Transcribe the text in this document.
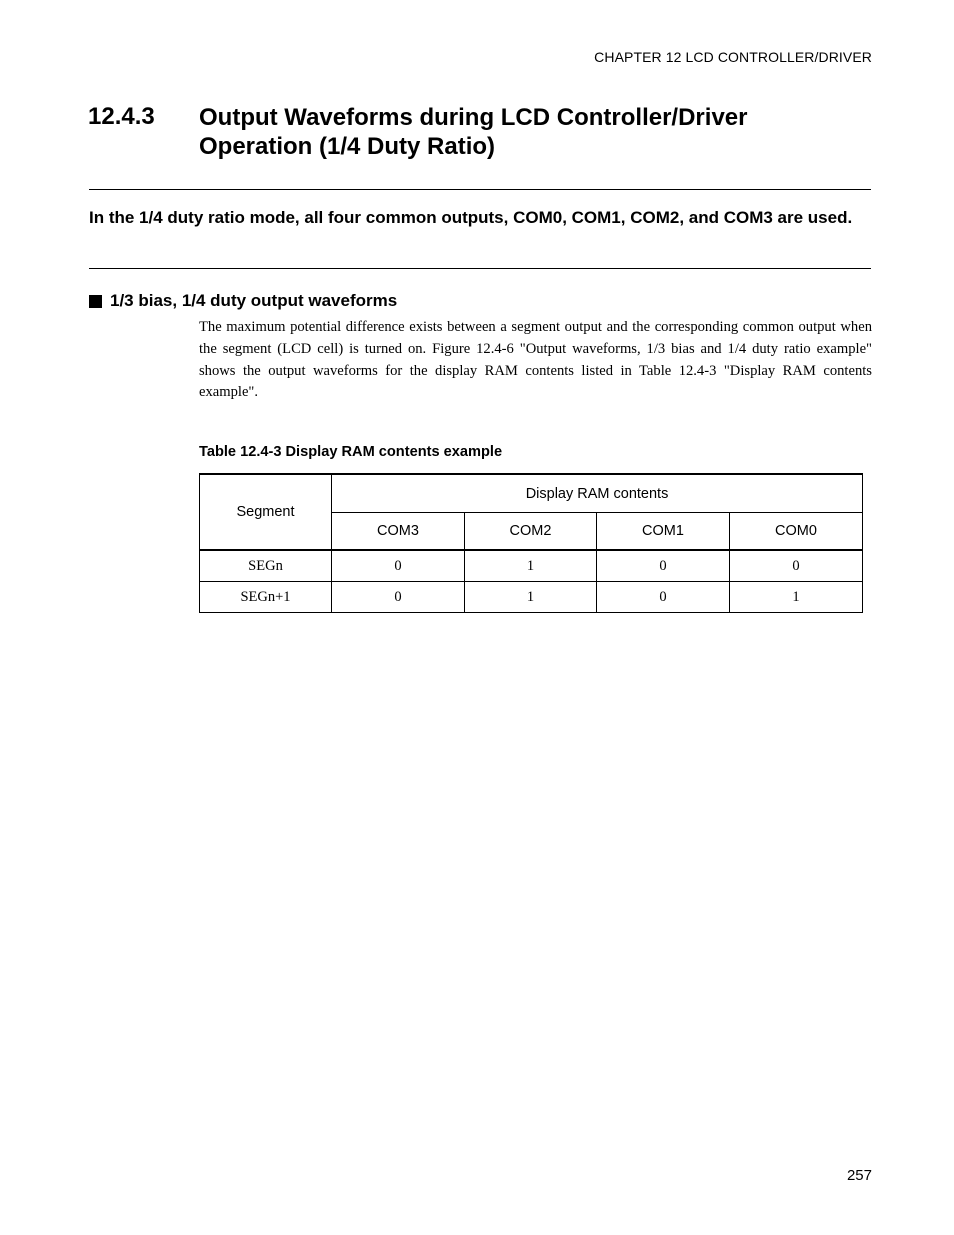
CHAPTER 12 LCD CONTROLLER/DRIVER
12.4.3 Output Waveforms during LCD Controller/Driver Operation (1/4 Duty Ratio)
In the 1/4 duty ratio mode, all four common outputs, COM0, COM1, COM2, and COM3 are used.
1/3 bias, 1/4 duty output waveforms
The maximum potential difference exists between a segment output and the corresponding common output when the segment (LCD cell) is turned on. Figure 12.4-6 "Output waveforms, 1/3 bias and 1/4 duty ratio example" shows the output waveforms for the display RAM contents listed in Table 12.4-3 "Display RAM contents example".
Table 12.4-3 Display RAM contents example
Segment	Display RAM contents			
	COM3	COM2	COM1	COM0
SEGn	0	1	0	0
SEGn+1	0	1	0	1
257
